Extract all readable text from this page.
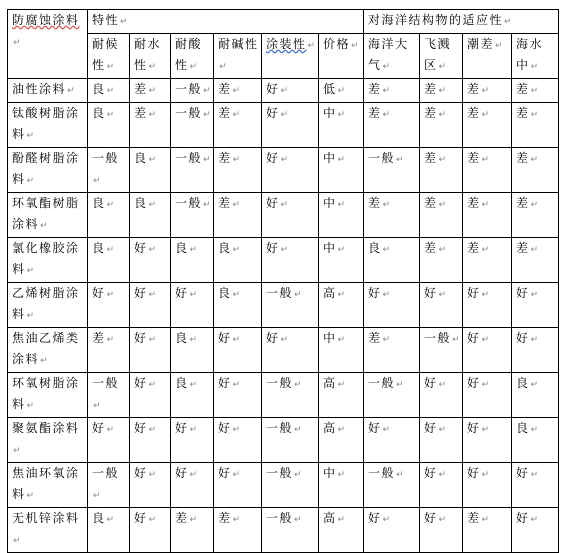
防腐蚀涂料↵	特性↵						对海洋结构物的适应性↵			
	耐候性↵	耐水性↵	耐酸性↵	耐碱性↵	涂装性↵	价格↵	海洋大气↵	飞溅区↵	潮差↵	海水中↵
油性涂料↵	良↵	差↵	一般↵	差↵	好↵	低↵	差↵	差↵	差↵	差↵
钛酸树脂涂料↵	良↵	差↵	一般↵	差↵	好↵	中↵	差↵	差↵	差↵	差↵
酚醛树脂涂料↵	一般↵	良↵	一般↵	差↵	好↵	中↵	一般↵	差↵	差↵	差↵
环氧酯树脂涂料↵	良↵	良↵	一般↵	差↵	好↵	中↵	差↵	差↵	差↵	差↵
氯化橡胶涂料↵	良↵	好↵	良↵	良↵	好↵	中↵	良↵	差↵	差↵	差↵
乙烯树脂涂料↵	好↵	好↵	好↵	良↵	一般↵	高↵	好↵	好↵	好↵	好↵
焦油乙烯类涂料↵	差↵	好↵	良↵	好↵	好↵	中↵	差↵	一般↵	好↵	好↵
环氧树脂涂料↵	一般↵	好↵	良↵	好↵	一般↵	高↵	一般↵	好↵	好↵	良↵
聚氨酯涂料↵	好↵	好↵	好↵	好↵	一般↵	高↵	好↵	好↵	好↵	良↵
焦油环氧涂料↵	一般↵	好↵	好↵	好↵	一般↵	中↵	一般↵	好↵	好↵	好↵
无机锌涂料↵	良↵	好↵	差↵	差↵	一般↵	高↵	好↵	好↵	差↵	好↵
